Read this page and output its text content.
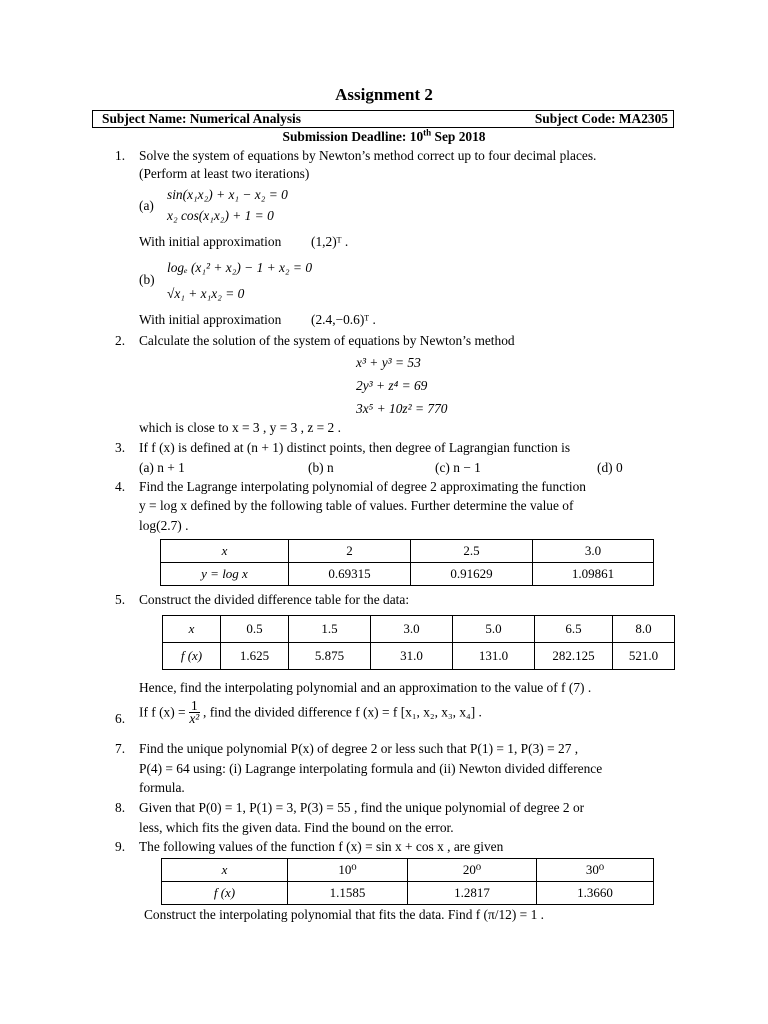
Assignment 2
Subject Name: Numerical Analysis	Subject Code: MA2305
Submission Deadline: 10th Sep 2018
1. Solve the system of equations by Newton’s method correct up to four decimal places.
(Perform at least two iterations)
(a)
sin(x₁x₂) + x₁ − x₂ = 0
x₂ cos(x₁x₂) + 1 = 0
With initial approximation (1,2)ᵀ .
(b)
logₑ (x₁² + x₂) − 1 + x₂ = 0
√x₁ + x₁x₂ = 0
With initial approximation (2.4,−0.6)ᵀ .
2. Calculate the solution of the system of equations by Newton’s method
x³ + y³ = 53
2y³ + z⁴ = 69
3x⁵ + 10z² = 770
which is close to x = 3 , y = 3 , z = 2 .
3. If f (x) is defined at (n + 1) distinct points, then degree of Lagrangian function is
(a) n + 1	(b) n	(c) n − 1	(d) 0
4. Find the Lagrange interpolating polynomial of degree 2 approximating the function
y = log x defined by the following table of values. Further determine the value of
log(2.7) .
x	2	2.5	3.0
y = log x	0.69315	0.91629	1.09861
5. Construct the divided difference table for the data:
x	0.5	1.5	3.0	5.0	6.5	8.0
f (x)	1.625	5.875	31.0	131.0	282.125	521.0
Hence, find the interpolating polynomial and an approximation to the value of f (7) .
6. If f $(x) = \frac{1}{\text{x²}}$ , find the divided difference f (x) = f [x₁, x₂, x₃, x₄] .
7. Find the unique polynomial P(x) of degree 2 or less such that P(1) = 1, P(3) = 27 ,
P(4) = 64 using: (i) Lagrange interpolating formula and (ii) Newton divided difference
formula.
8. Given that P(0) = 1, P(1) = 3, P(3) = 55 , find the unique polynomial of degree 2 or
less, which fits the given data. Find the bound on the error.
9. The following values of the function f (x) = sin x + cos x , are given
x	10⁰	20⁰	30⁰
f (x)	1.1585	1.2817	1.3660
Construct the interpolating polynomial that fits the data. Find f (π/12) = 1 .
